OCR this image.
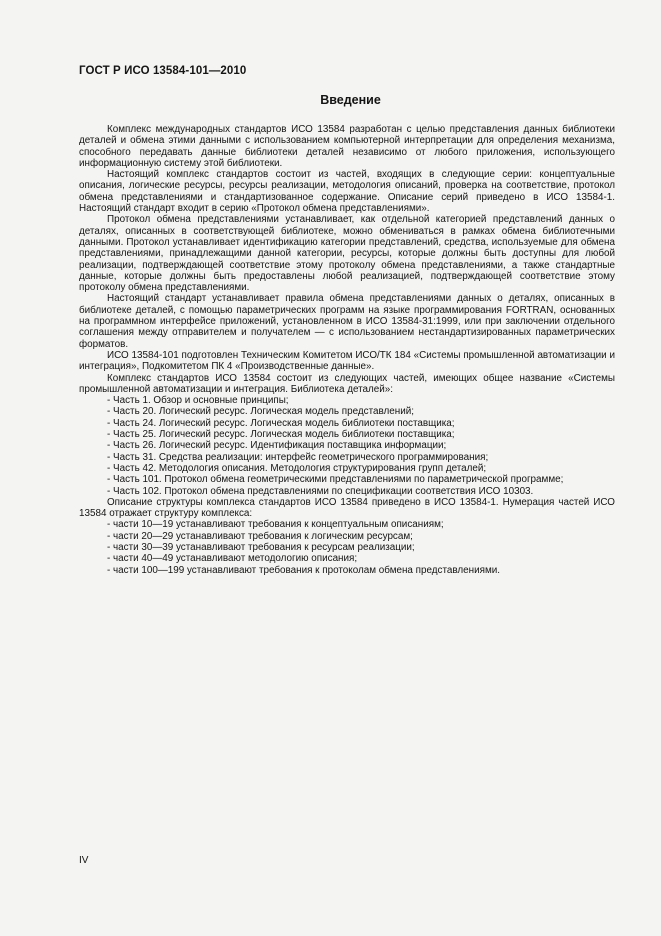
ГОСТ Р ИСО 13584-101—2010
Введение

Комплекс международных стандартов ИСО 13584 разработан с целью представления данных библиотеки деталей и обмена этими данными с использованием компьютерной интерпретации для определения механизма, способного передавать данные библиотеки деталей независимо от любого приложения, использующего информационную систему этой библиотеки.

Настоящий комплекс стандартов состоит из частей, входящих в следующие серии: концептуальные описания, логические ресурсы, ресурсы реализации, методология описаний, проверка на соответствие, протокол обмена представлениями и стандартизованное содержание. Описание серий приведено в ИСО 13584-1. Настоящий стандарт входит в серию «Протокол обмена представлениями».

Протокол обмена представлениями устанавливает, как отдельной категорией представлений данных о деталях, описанных в соответствующей библиотеке, можно обмениваться в рамках обмена библиотечными данными. Протокол устанавливает идентификацию категории представлений, средства, используемые для обмена представлениями, принадлежащими данной категории, ресурсы, которые должны быть доступны для любой реализации, подтверждающей соответствие этому протоколу обмена представлениями, а также стандартные данные, которые должны быть предоставлены любой реализацией, подтверждающей соответствие этому протоколу обмена представлениями.

Настоящий стандарт устанавливает правила обмена представлениями данных о деталях, описанных в библиотеке деталей, с помощью параметрических программ на языке программирования FORTRAN, основанных на программном интерфейсе приложений, установленном в ИСО 13584-31:1999, или при заключении отдельного соглашения между отправителем и получателем — с использованием нестандартизированных параметрических форматов.

ИСО 13584-101 подготовлен Техническим Комитетом ИСО/ТК 184 «Системы промышленной автоматизации и интеграция», Подкомитетом ПК 4 «Производственные данные».

Комплекс стандартов ИСО 13584 состоит из следующих частей, имеющих общее название «Системы промышленной автоматизации и интеграция. Библиотека деталей»:

- Часть 1. Обзор и основные принципы;

- Часть 20. Логический ресурс. Логическая модель представлений;

- Часть 24. Логический ресурс. Логическая модель библиотеки поставщика;

- Часть 25. Логический ресурс. Логическая модель библиотеки поставщика;

- Часть 26. Логический ресурс. Идентификация поставщика информации;

- Часть 31. Средства реализации: интерфейс геометрического программирования;

- Часть 42. Методология описания. Методология структурирования групп деталей;

- Часть 101. Протокол обмена геометрическими представлениями по параметрической программе;

- Часть 102. Протокол обмена представлениями по спецификации соответствия ИСО 10303.

Описание структуры комплекса стандартов ИСО 13584 приведено в ИСО 13584-1. Нумерация частей ИСО 13584 отражает структуру комплекса:

- части 10—19 устанавливают требования к концептуальным описаниям;

- части 20—29 устанавливают требования к логическим ресурсам;

- части 30—39 устанавливают требования к ресурсам реализации;

- части 40—49 устанавливают методологию описания;

- части 100—199 устанавливают требования к протоколам обмена представлениями.

IV
